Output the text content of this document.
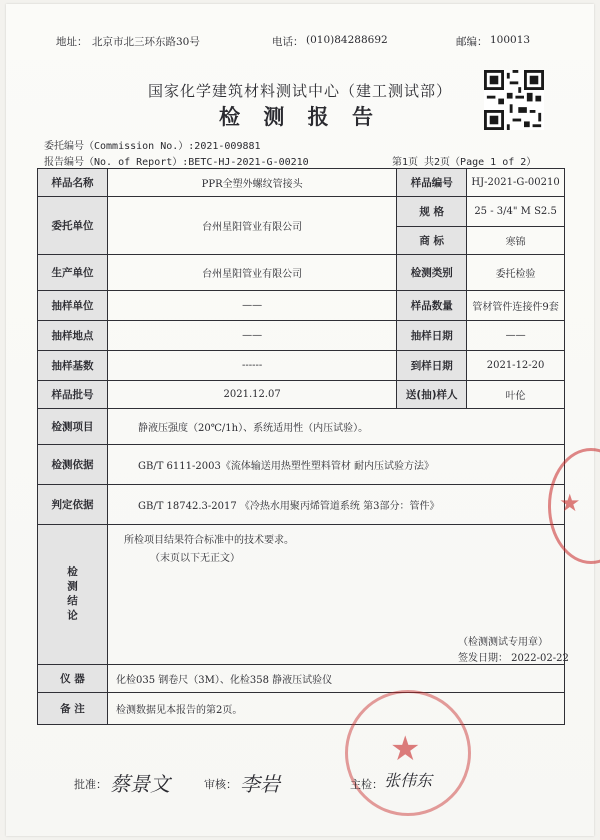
地址： 北京市北三环东路30号	电话： (010)84288692	邮编： 100013
国家化学建筑材料测试中心（建工测试部）
检 测 报 告
委托编号（Commission No.）:2021-009881
报告编号（No. of Report）:BETC-HJ-2021-G-00210	第1页 共2页（Page 1 of 2）
样品名称	PPR全塑外螺纹管接头	样品编号	HJ-2021-G-00210
委托单位	台州星阳管业有限公司	规 格	25 - 3/4" M S2.5
		商 标	寒锦
生产单位	台州星阳管业有限公司	检测类别	委托检验
抽样单位	——	样品数量	管材管件连接件9套
抽样地点	——	抽样日期	——
抽样基数	------	到样日期	2021-12-20
样品批号	2021.12.07	送(抽)样人	叶伦
检测项目	静液压强度（20℃/1h）、系统适用性（内压试验）。		
检测依据	GB/T 6111-2003《流体输送用热塑性塑料管材 耐内压试验方法》		
判定依据	GB/T 18742.3-2017 《冷热水用聚丙烯管道系统 第3部分：管件》		

检测结论	所检项目结果符合标准中的技术要求。
（末页以下无正文）
（检测测试专用章）
签发日期： 2022-02-22		

仪 器	化检035 钢卷尺（3M）、化检358 静液压试验仪		
备 注	检测数据见本报告的第2页。		
★
★
批准： 蔡景文	审核： 李岩	主检： 张伟东
